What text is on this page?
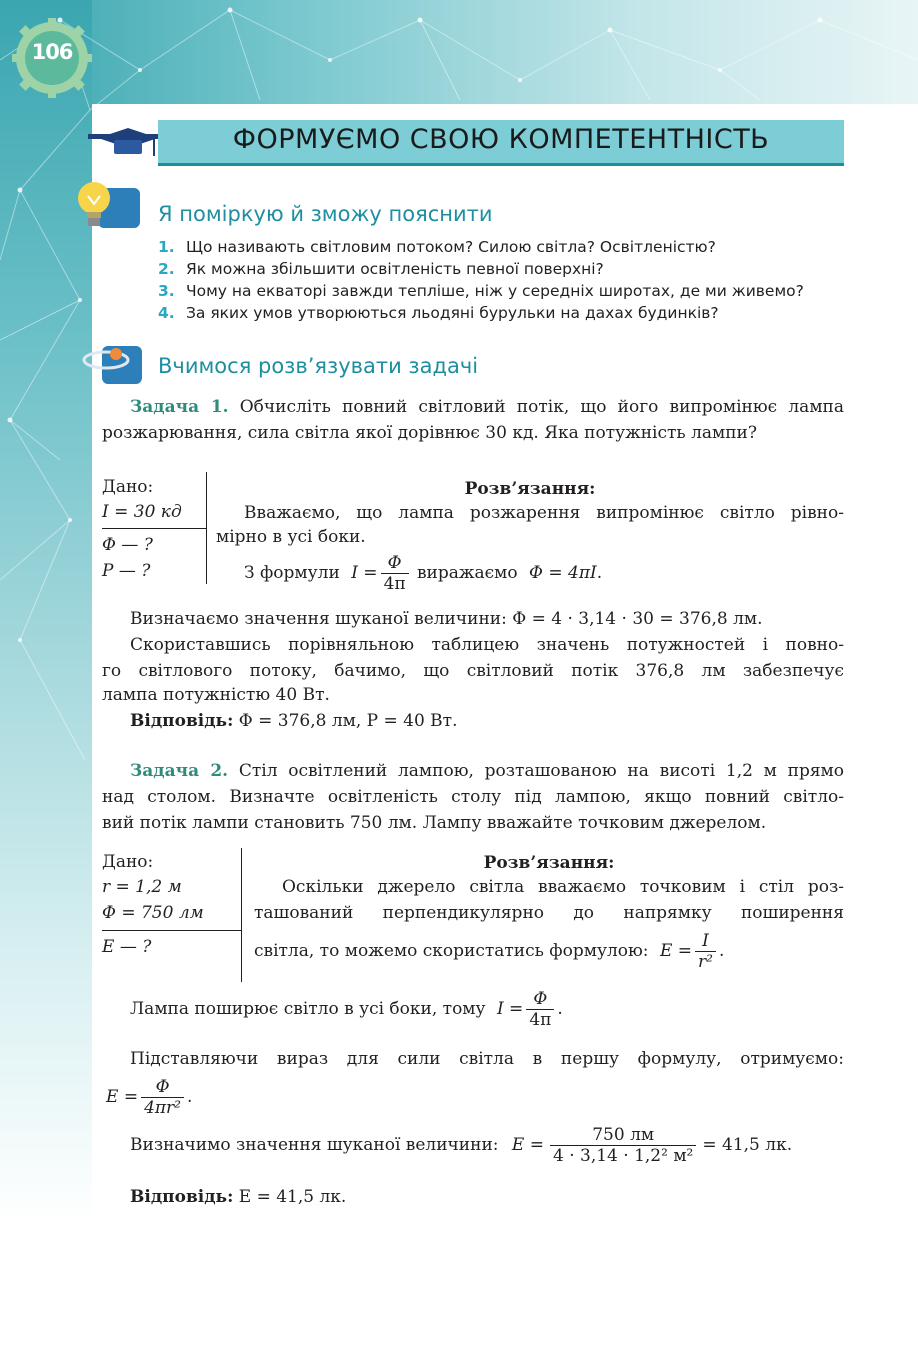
106
ФОРМУЄМО СВОЮ КОМПЕТЕНТНІСТЬ
Я поміркую й зможу пояснити
1. Що називають світловим потоком? Силою світла? Освітленістю?
2. Як можна збільшити освітленість певної поверхні?
3. Чому на екваторі завжди тепліше, ніж у середніх широтах, де ми живемо?
4. За яких умов утворюються льодяні бурульки на дахах будинків?
Вчимося розв’язувати задачі
Задача 1. Обчисліть повний світловий потік, що його випромінює лампа
розжарювання, сила світла якої дорівнює 30 кд. Яка потужність лампи?
Дано:
I = 30 кд
Φ — ?
P — ?
Розв’язання:
Вважаємо, що лампа розжарення випромінює світло рівно-
мірно в усі боки.
З формули $I = \frac{\Phi}{4\pi}$ виражаємо Φ = 4πI.
Визначаємо значення шуканої величини: Φ = 4 · 3,14 · 30 = 376,8 лм.
Скориставшись порівняльною таблицею значень потужностей і повно-
го світлового потоку, бачимо, що світловий потік 376,8 лм забезпечує
лампа потужністю 40 Вт.
Відповідь: Φ = 376,8 лм, P = 40 Вт.
Задача 2. Стіл освітлений лампою, розташованою на висоті 1,2 м прямо
над столом. Визначте освітленість столу під лампою, якщо повний світло-
вий потік лампи становить 750 лм. Лампу вважайте точковим джерелом.
Дано:
r = 1,2 м
Φ = 750 лм
E — ?
Розв’язання:
Оскільки джерело світла вважаємо точковим і стіл роз-
ташований перпендикулярно до напрямку поширення
світла, то можемо скористатись формулою: $E = \frac{I}{\text{r²}}$ .
Лампа поширює світло в усі боки, тому $I = \frac{\Phi}{4\pi}$ .
Підставляючи вираз для сили світла в першу формулу, отримуємо:
$E = \frac{\Phi}{\text{4πr²}}$ .
Визначимо значення шуканої величини: $E = \frac{750 лм}{\text{4 · 3,14 · 1,2² м²}} = 41,5$ лк.
Відповідь: E = 41,5 лк.
